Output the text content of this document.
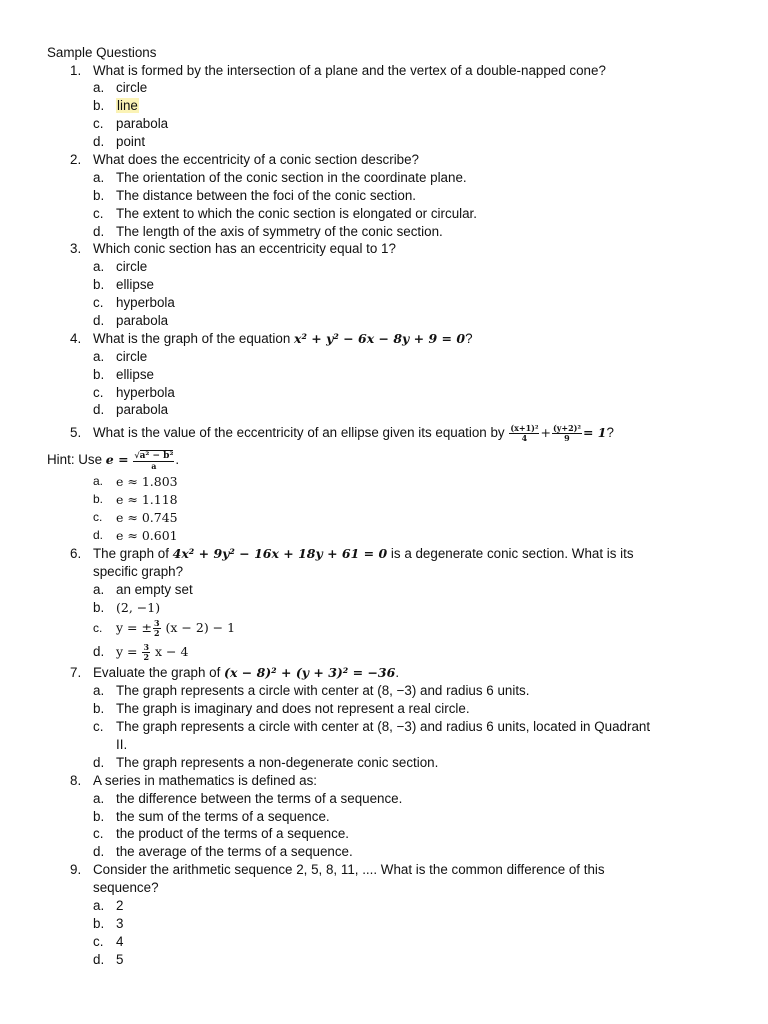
Sample Questions
1. What is formed by the intersection of a plane and the vertex of a double-napped cone?
a. circle
b. line
c. parabola
d. point
2. What does the eccentricity of a conic section describe?
a. The orientation of the conic section in the coordinate plane.
b. The distance between the foci of the conic section.
c. The extent to which the conic section is elongated or circular.
d. The length of the axis of symmetry of the conic section.
3. Which conic section has an eccentricity equal to 1?
a. circle
b. ellipse
c. hyperbola
d. parabola
4. What is the graph of the equation x² + y² − 6x − 8y + 9 = 0?
a. circle
b. ellipse
c. hyperbola
d. parabola
5. What is the value of the eccentricity of an ellipse given its equation by $\frac{\text{(x+1)²}}{4} + \frac{\text{(y+2)²}}{9} = 1$?
Hint: Use $e = \frac{\text{√a² − b²}}{a}$ .
a. e ≈ 1.803
b. e ≈ 1.118
c. e ≈ 0.745
d. e ≈ 0.601
6. The graph of 4x² + 9y² − 16x + 18y + 61 = 0 is a degenerate conic section. What is its
specific graph?
a. an empty set
b. (2, −1)
c. y = ± $\frac{3}{2} (x - 2) - 1$
d. $y = \frac{3}{2}$ x − 4
7. Evaluate the graph of (x − 8)² + (y + 3)² = −36.
a. The graph represents a circle with center at (8, −3) and radius 6 units.
b. The graph is imaginary and does not represent a real circle.
c. The graph represents a circle with center at (8, −3) and radius 6 units, located in Quadrant
II.
d. The graph represents a non-degenerate conic section.
8. A series in mathematics is defined as:
a. the difference between the terms of a sequence.
b. the sum of the terms of a sequence.
c. the product of the terms of a sequence.
d. the average of the terms of a sequence.
9. Consider the arithmetic sequence 2, 5, 8, 11, .... What is the common difference of this
sequence?
a. 2
b. 3
c. 4
d. 5
